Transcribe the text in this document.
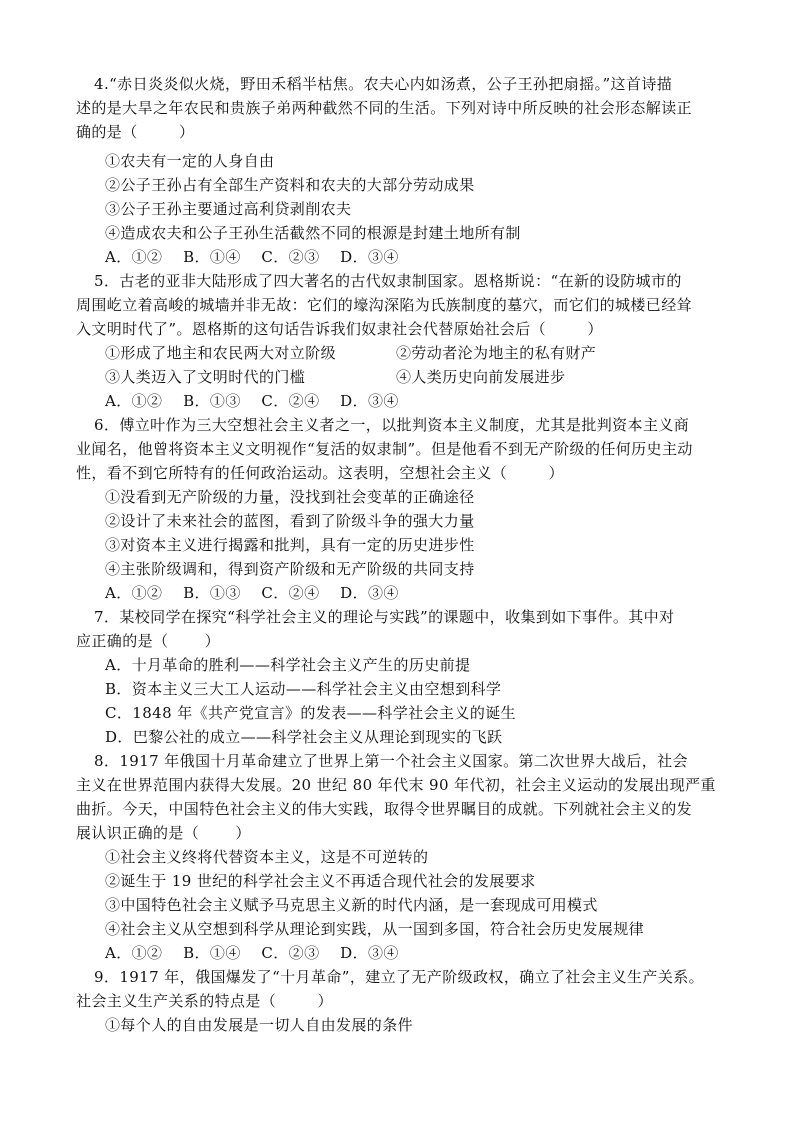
4.“赤日炎炎似火烧，野田禾稻半枯焦。农夫心内如汤煮，公子王孙把扇摇。”这首诗描
述的是大旱之年农民和贵族子弟两种截然不同的生活。下列对诗中所反映的社会形态解读正
确的是（        ）
①农夫有一定的人身自由
②公子王孙占有全部生产资料和农夫的大部分劳动成果
③公子王孙主要通过高利贷剥削农夫
④造成农夫和公子王孙生活截然不同的根源是封建土地所有制
A．①②    B．①④    C．②③    D．③④
5．古老的亚非大陆形成了四大著名的古代奴隶制国家。恩格斯说：“在新的设防城市的
周围屹立着高峻的城墙并非无故：它们的壕沟深陷为氏族制度的墓穴，而它们的城楼已经耸
入文明时代了”。恩格斯的这句话告诉我们奴隶社会代替原始社会后（        ）
①形成了地主和农民两大对立阶级	②劳动者沦为地主的私有财产
③人类迈入了文明时代的门槛	④人类历史向前发展进步
A．①②    B．①③    C．②④    D．③④
6．傅立叶作为三大空想社会主义者之一，以批判资本主义制度，尤其是批判资本主义商
业闻名，他曾将资本主义文明视作“复活的奴隶制”。但是他看不到无产阶级的任何历史主动
性，看不到它所特有的任何政治运动。这表明，空想社会主义（        ）
①没看到无产阶级的力量，没找到社会变革的正确途径
②设计了未来社会的蓝图，看到了阶级斗争的强大力量
③对资本主义进行揭露和批判，具有一定的历史进步性
④主张阶级调和，得到资产阶级和无产阶级的共同支持
A．①②    B．①③    C．②④    D．③④
7．某校同学在探究“科学社会主义的理论与实践”的课题中，收集到如下事件。其中对
应正确的是（       ）
A．十月革命的胜利——科学社会主义产生的历史前提
B．资本主义三大工人运动——科学社会主义由空想到科学
C．1848 年《共产党宣言》的发表——科学社会主义的诞生
D．巴黎公社的成立——科学社会主义从理论到现实的飞跃
8．1917 年俄国十月革命建立了世界上第一个社会主义国家。第二次世界大战后，社会
主义在世界范围内获得大发展。20 世纪 80 年代末 90 年代初，社会主义运动的发展出现严重
曲折。今天，中国特色社会主义的伟大实践，取得令世界瞩目的成就。下列就社会主义的发
展认识正确的是（       ）
①社会主义终将代替资本主义，这是不可逆转的
②诞生于 19 世纪的科学社会主义不再适合现代社会的发展要求
③中国特色社会主义赋予马克思主义新的时代内涵，是一套现成可用模式
④社会主义从空想到科学从理论到实践，从一国到多国，符合社会历史发展规律
A．①②    B．①④    C．②③    D．③④
9．1917 年，俄国爆发了“十月革命”，建立了无产阶级政权，确立了社会主义生产关系。
社会主义生产关系的特点是（        ）
①每个人的自由发展是一切人自由发展的条件
